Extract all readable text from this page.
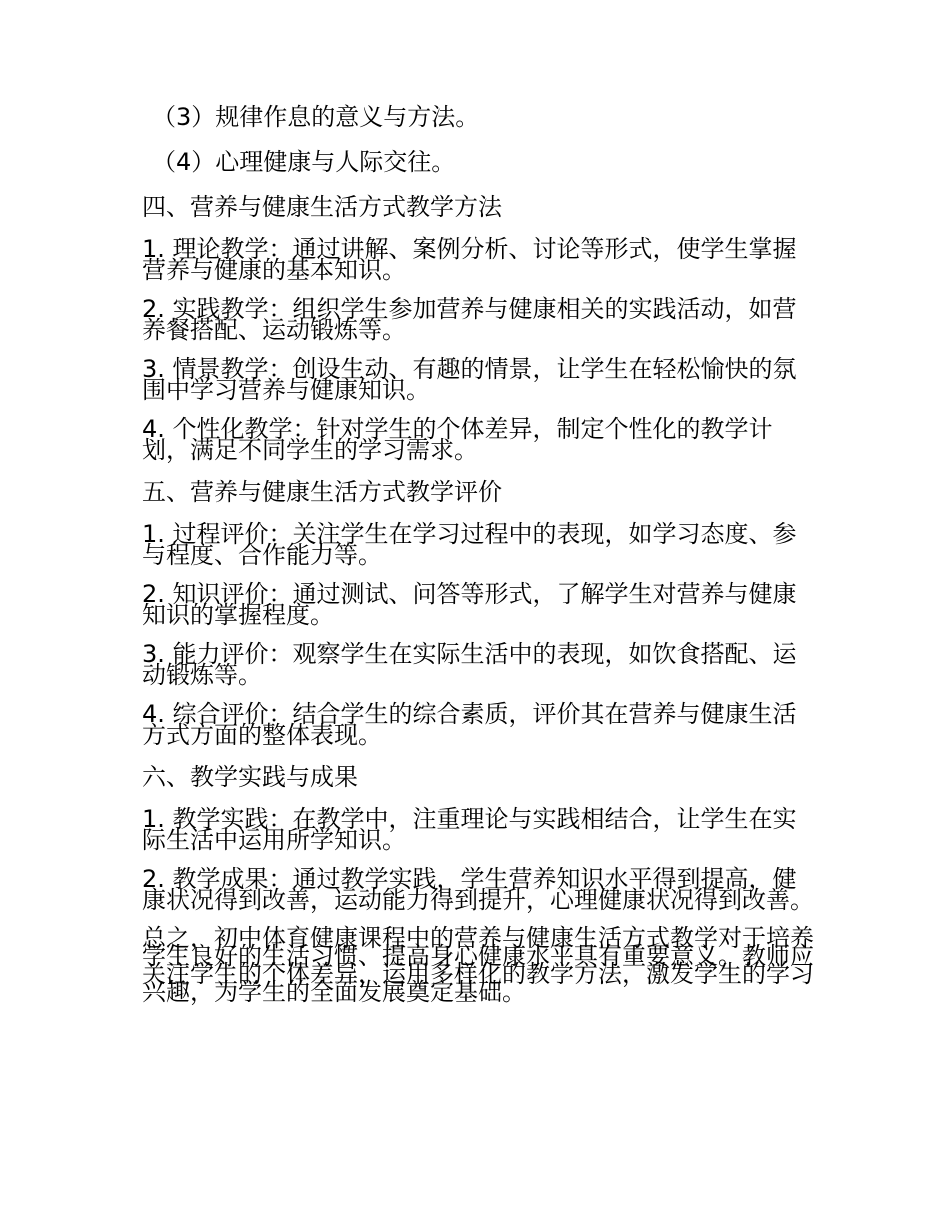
（3）规律作息的意义与方法。
（4）心理健康与人际交往。
四、营养与健康生活方式教学方法
1. 理论教学：通过讲解、案例分析、讨论等形式，使学生掌握营养与健康的基本知识。
2. 实践教学：组织学生参加营养与健康相关的实践活动，如营养餐搭配、运动锻炼等。
3. 情景教学：创设生动、有趣的情景，让学生在轻松愉快的氛围中学习营养与健康知识。
4. 个性化教学：针对学生的个体差异，制定个性化的教学计划，满足不同学生的学习需求。
五、营养与健康生活方式教学评价
1. 过程评价：关注学生在学习过程中的表现，如学习态度、参与程度、合作能力等。
2. 知识评价：通过测试、问答等形式，了解学生对营养与健康知识的掌握程度。
3. 能力评价：观察学生在实际生活中的表现，如饮食搭配、运动锻炼等。
4. 综合评价：结合学生的综合素质，评价其在营养与健康生活方式方面的整体表现。
六、教学实践与成果
1. 教学实践：在教学中，注重理论与实践相结合，让学生在实际生活中运用所学知识。
2. 教学成果：通过教学实践，学生营养知识水平得到提高，健康状况得到改善，运动能力得到提升，心理健康状况得到改善。
总之，初中体育健康课程中的营养与健康生活方式教学对于培养学生良好的生活习惯、提高身心健康水平具有重要意义。教师应关注学生的个体差异，运用多样化的教学方法，激发学生的学习兴趣，为学生的全面发展奠定基础。
